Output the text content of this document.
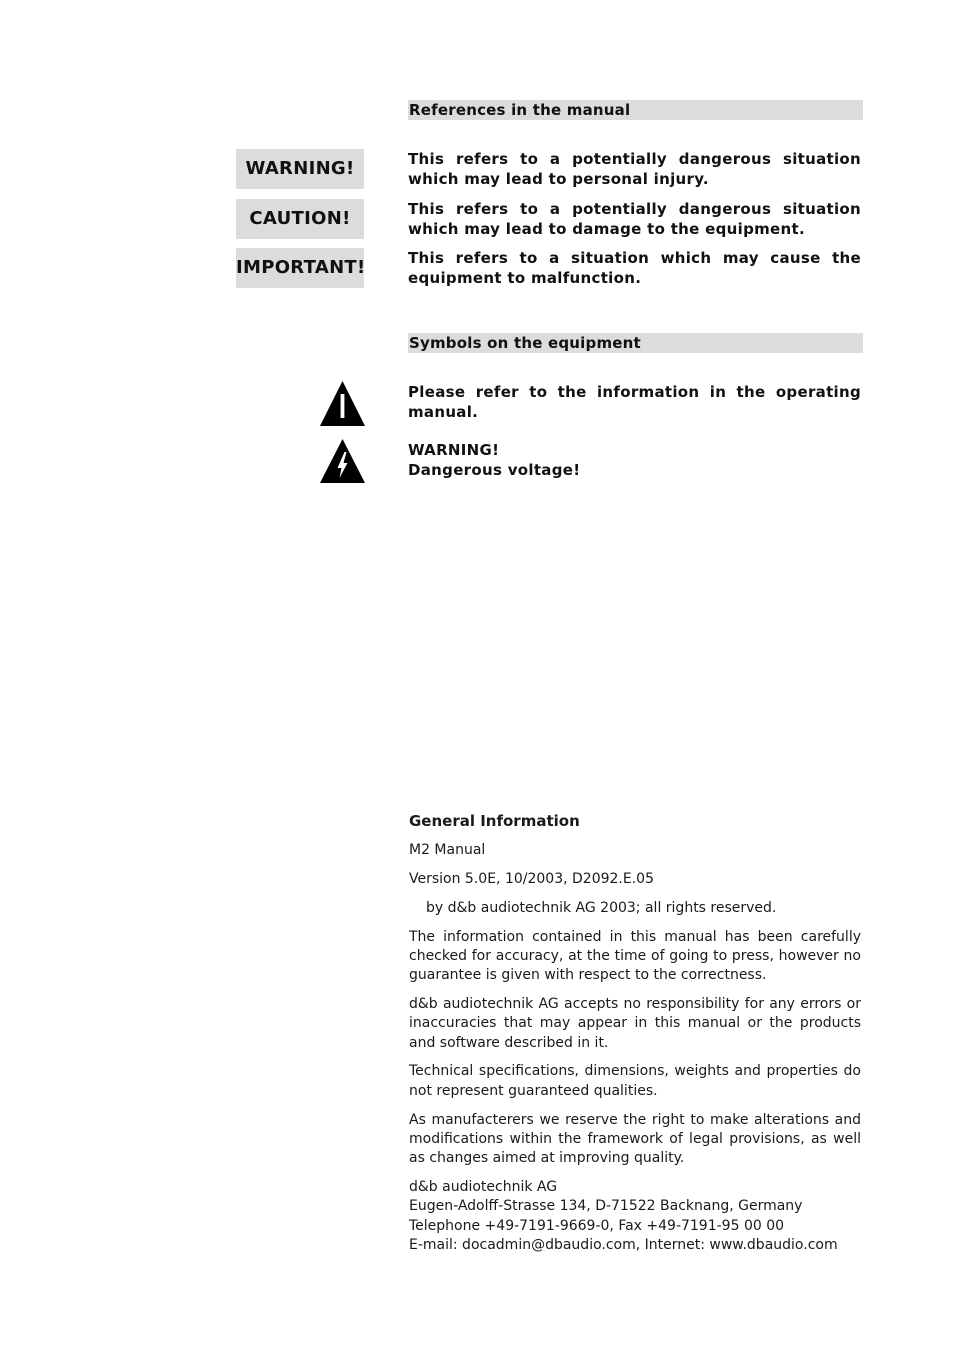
References in the manual
WARNING!	This refers to a potentially dangerous situation which may lead to personal injury.
CAUTION!	This refers to a potentially dangerous situation which may lead to damage to the equipment.
IMPORTANT!	This refers to a situation which may cause the equipment to malfunction.
Symbols on the equipment
Please refer to the information in the operating manual.
WARNING!
Dangerous voltage!
General Information

M2 Manual

Version 5.0E, 10/2003, D2092.E.05

by d&b audiotechnik AG 2003; all rights reserved.

The information contained in this manual has been carefully checked for accuracy, at the time of going to press, however no guarantee is given with respect to the correctness.

d&b audiotechnik AG accepts no responsibility for any errors or inaccuracies that may appear in this manual or the products and software described in it.

Technical specifications, dimensions, weights and properties do not represent guaranteed qualities.

As manufacterers we reserve the right to make alterations and modifications within the framework of legal provisions, as well as changes aimed at improving quality.

d&b audiotechnik AG
Eugen-Adolff-Strasse 134, D-71522 Backnang, Germany
Telephone +49-7191-9669-0, Fax +49-7191-95 00 00
E-mail: docadmin@dbaudio.com, Internet: www.dbaudio.com
